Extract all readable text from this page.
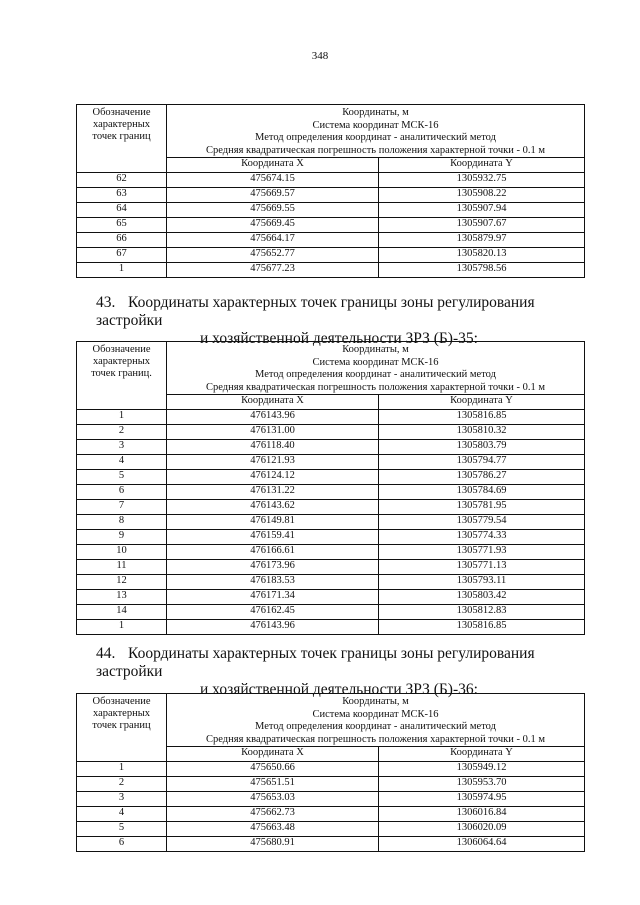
348
Обозначение характерных точек границ	Координаты, м
Система координат МСК-16
Метод определения координат - аналитический метод
Средняя квадратическая погрешность положения характерной точки - 0.1 м	

	Координата X	Координата Y
62	475674.15	1305932.75
63	475669.57	1305908.22
64	475669.55	1305907.94
65	475669.45	1305907.67
66	475664.17	1305879.97
67	475652.77	1305820.13
1	475677.23	1305798.56
43. Координаты характерных точек границы зоны регулирования застройки
и хозяйственной деятельности ЗРЗ (Б)-35:
Обозначение характерных точек границ.	Координаты, м
Система координат МСК-16
Метод определения координат - аналитический метод
Средняя квадратическая погрешность положения характерной точки - 0.1 м	

	Координата X	Координата Y
1	476143.96	1305816.85
2	476131.00	1305810.32
3	476118.40	1305803.79
4	476121.93	1305794.77
5	476124.12	1305786.27
6	476131.22	1305784.69
7	476143.62	1305781.95
8	476149.81	1305779.54
9	476159.41	1305774.33
10	476166.61	1305771.93
11	476173.96	1305771.13
12	476183.53	1305793.11
13	476171.34	1305803.42
14	476162.45	1305812.83
1	476143.96	1305816.85
44. Координаты характерных точек границы зоны регулирования застройки
и хозяйственной деятельности ЗРЗ (Б)-36:
Обозначение характерных точек границ	Координаты, м
Система координат МСК-16
Метод определения координат - аналитический метод
Средняя квадратическая погрешность положения характерной точки - 0.1 м	

	Координата X	Координата Y
1	475650.66	1305949.12
2	475651.51	1305953.70
3	475653.03	1305974.95
4	475662.73	1306016.84
5	475663.48	1306020.09
6	475680.91	1306064.64
